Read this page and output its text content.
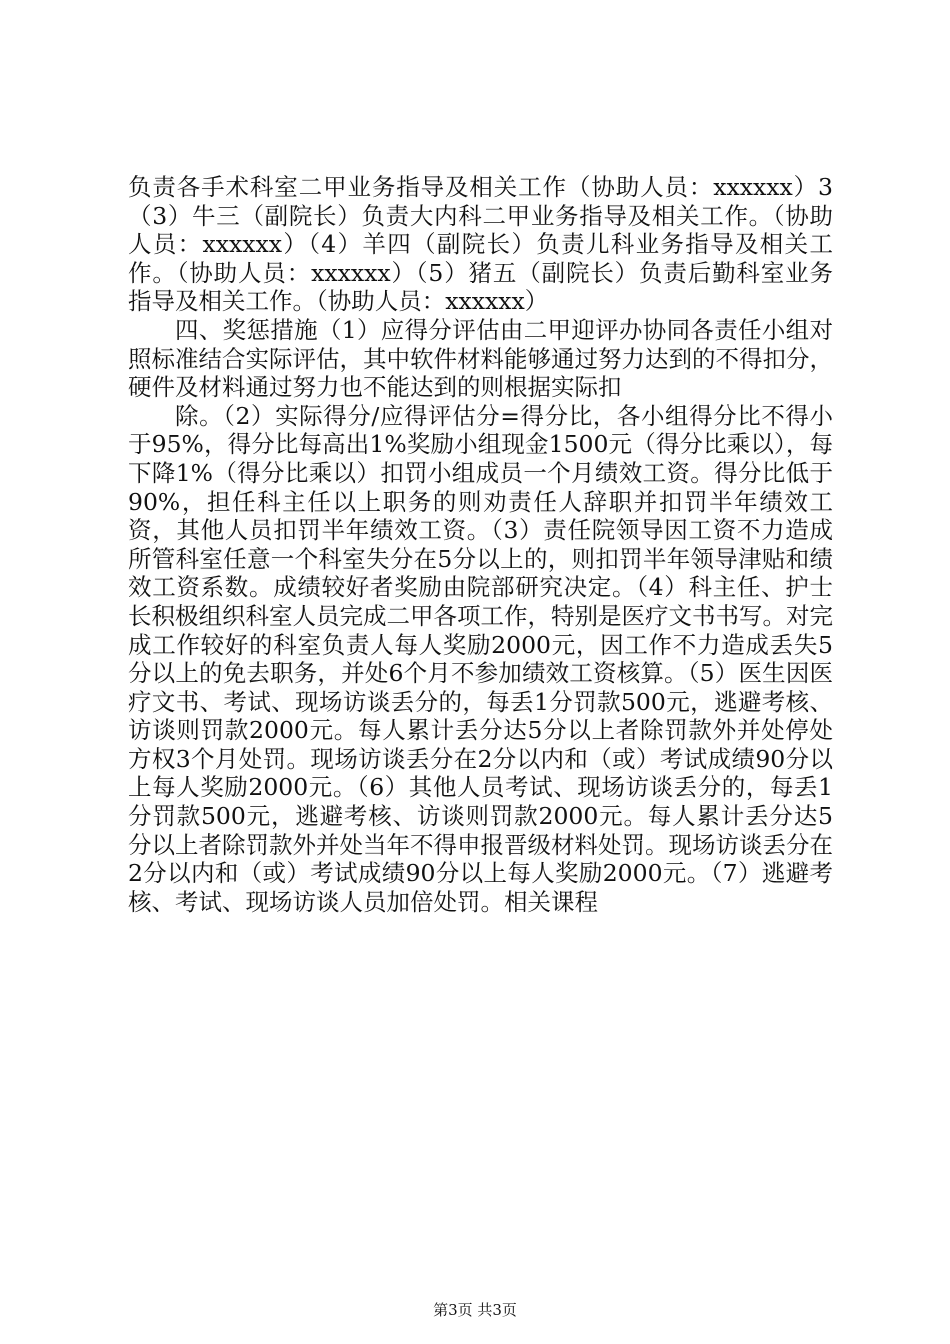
负责各手术科室二甲业务指导及相关工作（协助人员：xxxxxx）3（3）牛三（副院长）负责大内科二甲业务指导及相关工作。（协助人员：xxxxxx）（4）羊四（副院长）负责儿科业务指导及相关工作。（协助人员：xxxxxx）（5）猪五（副院长）负责后勤科室业务指导及相关工作。（协助人员：xxxxxx）

四、奖惩措施（1）应得分评估由二甲迎评办协同各责任小组对照标准结合实际评估，其中软件材料能够通过努力达到的不得扣分，硬件及材料通过努力也不能达到的则根据实际扣

除。（2）实际得分/应得评估分=得分比，各小组得分比不得小于95%，得分比每高出1%奖励小组现金1500元（得分比乘以），每下降1%（得分比乘以）扣罚小组成员一个月绩效工资。得分比低于90%，担任科主任以上职务的则劝责任人辞职并扣罚半年绩效工资，其他人员扣罚半年绩效工资。（3）责任院领导因工资不力造成所管科室任意一个科室失分在5分以上的，则扣罚半年领导津贴和绩效工资系数。成绩较好者奖励由院部研究决定。（4）科主任、护士长积极组织科室人员完成二甲各项工作，特别是医疗文书书写。对完成工作较好的科室负责人每人奖励2000元，因工作不力造成丢失5分以上的免去职务，并处6个月不参加绩效工资核算。（5）医生因医疗文书、考试、现场访谈丢分的，每丢1分罚款500元，逃避考核、访谈则罚款2000元。每人累计丢分达5分以上者除罚款外并处停处方权3个月处罚。现场访谈丢分在2分以内和（或）考试成绩90分以上每人奖励2000元。（6）其他人员考试、现场访谈丢分的，每丢1分罚款500元，逃避考核、访谈则罚款2000元。每人累计丢分达5分以上者除罚款外并处当年不得申报晋级材料处罚。现场访谈丢分在2分以内和（或）考试成绩90分以上每人奖励2000元。（7）逃避考核、考试、现场访谈人员加倍处罚。相关课程

第3页 共3页
